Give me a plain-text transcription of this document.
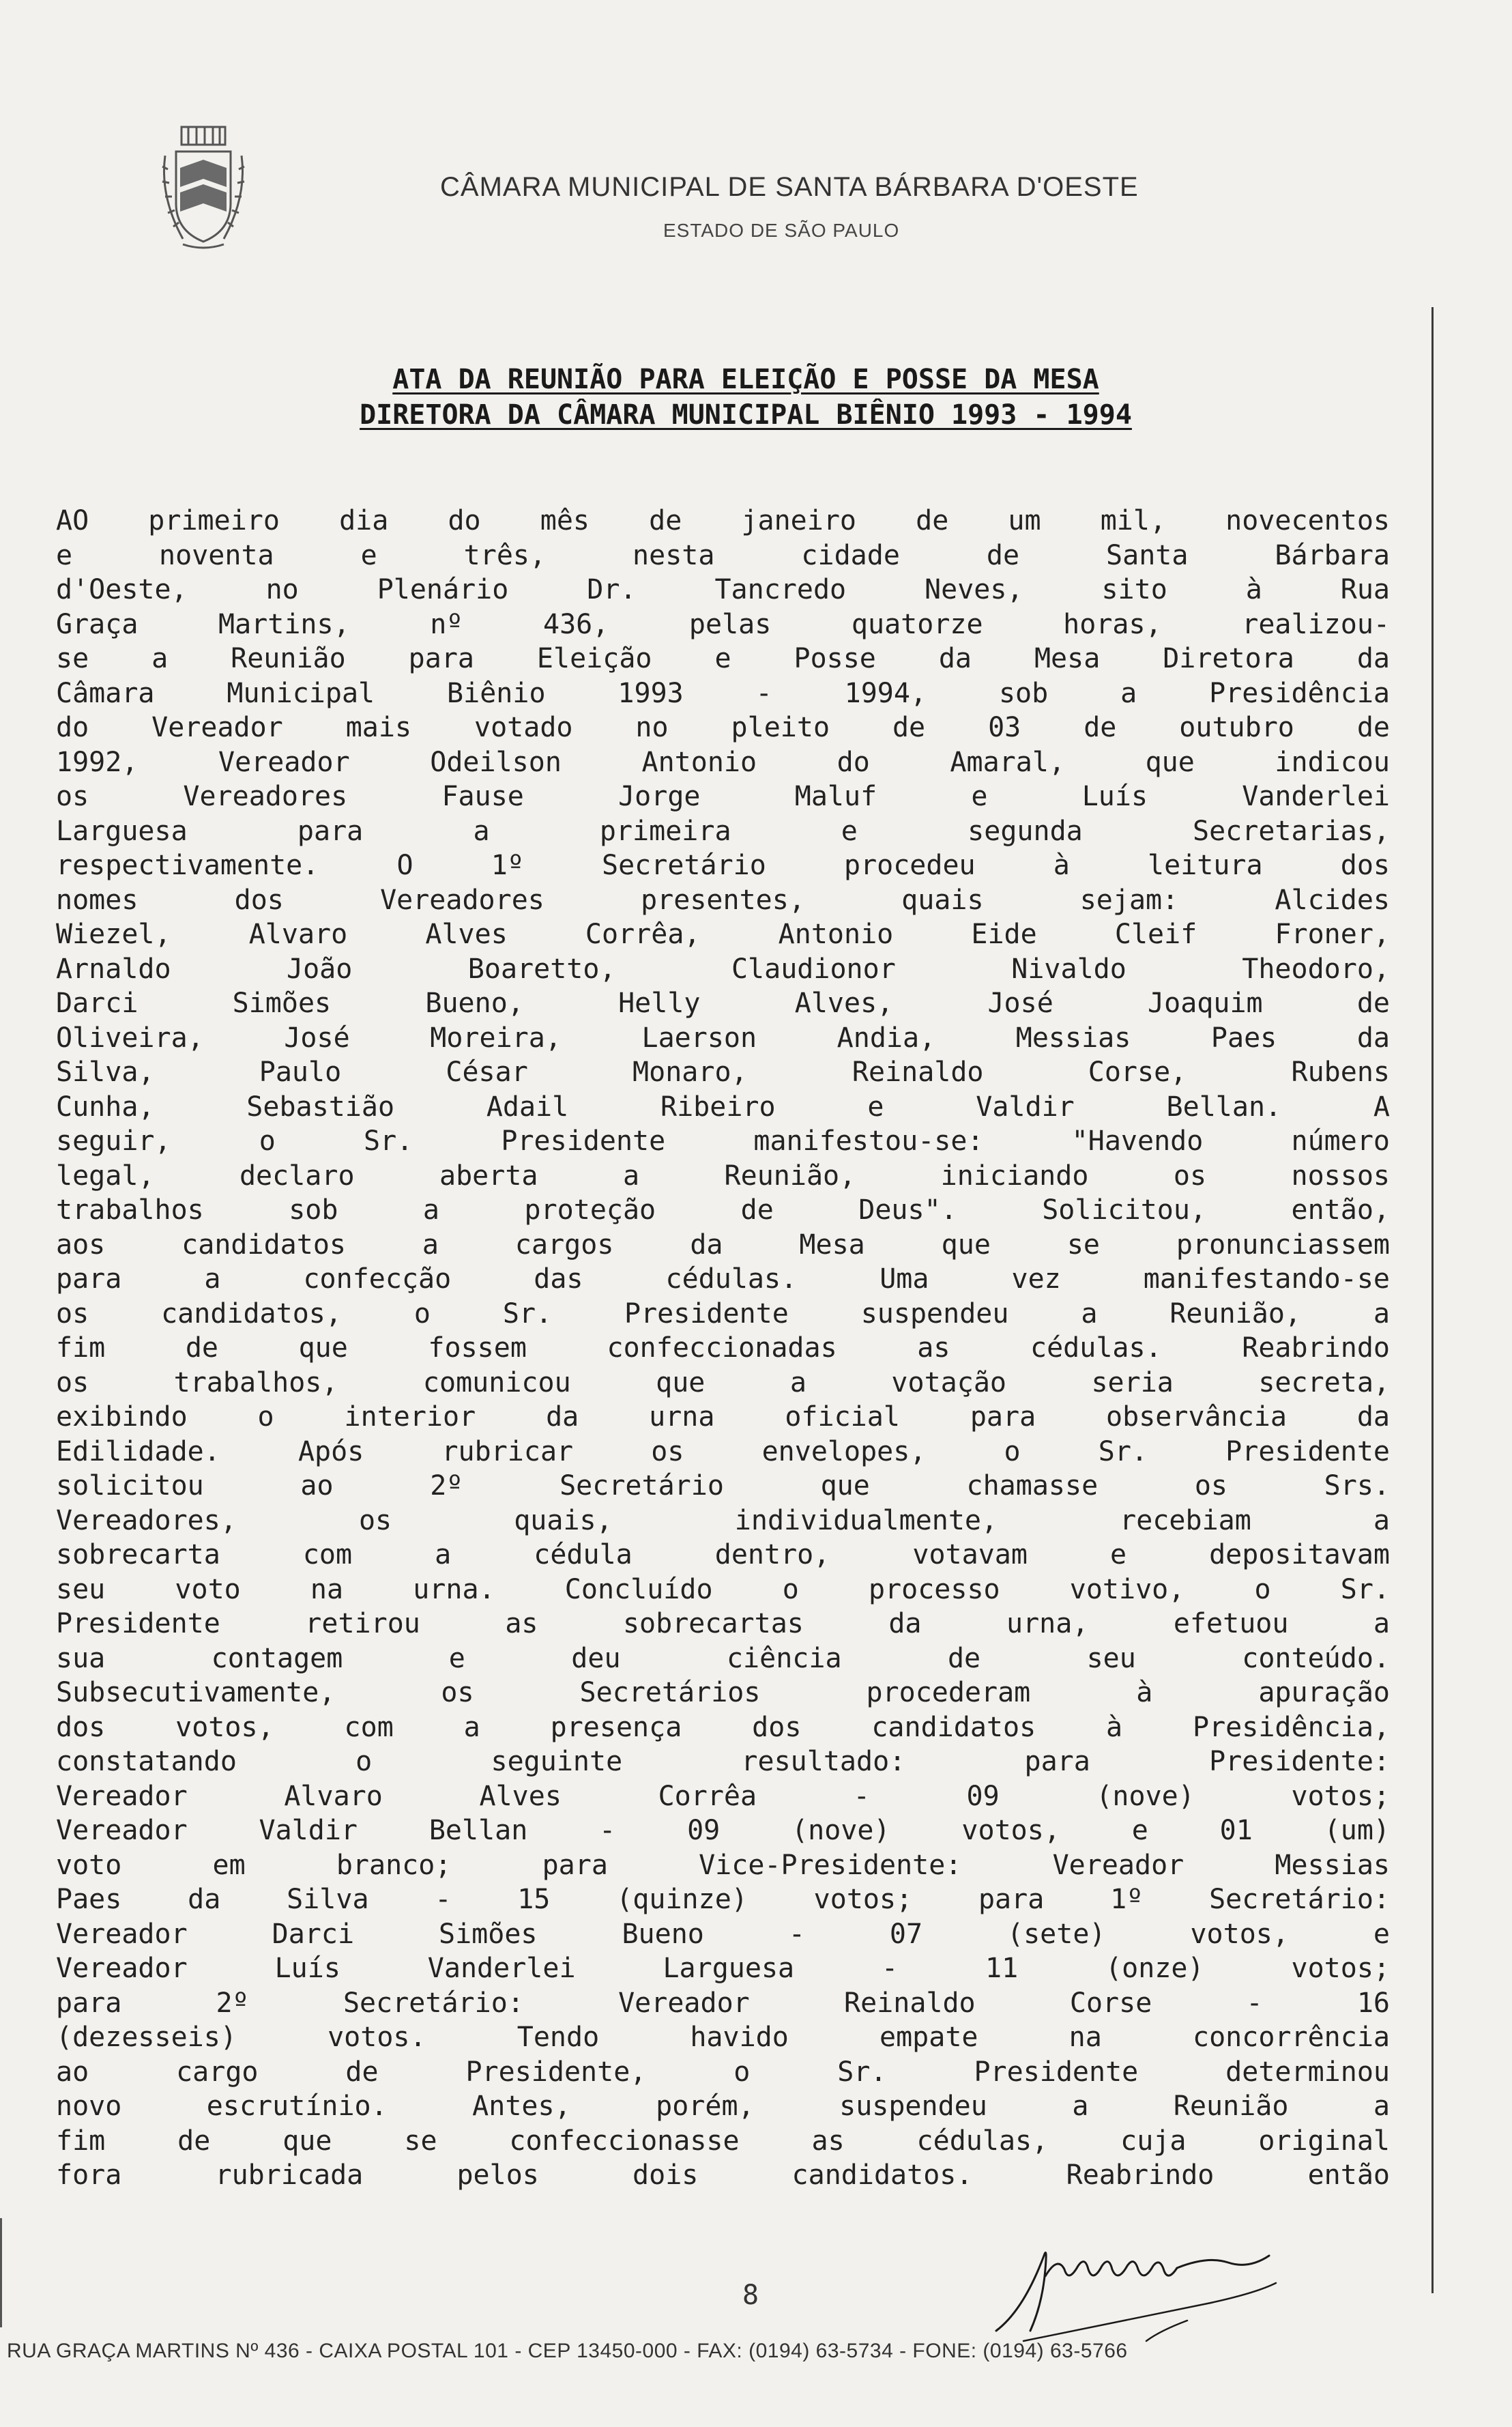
CÂMARA MUNICIPAL DE SANTA BÁRBARA D'OESTE
ESTADO DE SÃO PAULO
ATA DA REUNIÃO PARA ELEIÇÃO E POSSE DA MESA
DIRETORA DA CÂMARA MUNICIPAL BIÊNIO 1993 - 1994
AO primeiro dia do mês de janeiro de um mil, novecentos
e noventa e três, nesta cidade de Santa Bárbara
d'Oeste, no Plenário Dr. Tancredo Neves, sito à Rua
Graça Martins, nº 436, pelas quatorze horas, realizou-
se a Reunião para Eleição e Posse da Mesa Diretora da
Câmara Municipal Biênio 1993 - 1994, sob a Presidência
do Vereador mais votado no pleito de 03 de outubro de
1992, Vereador Odeilson Antonio do Amaral, que indicou
os Vereadores Fause Jorge Maluf e Luís Vanderlei
Larguesa para a primeira e segunda Secretarias,
respectivamente. O 1º Secretário procedeu à leitura dos
nomes dos Vereadores presentes, quais sejam: Alcides
Wiezel, Alvaro Alves Corrêa, Antonio Eide Cleif Froner,
Arnaldo João Boaretto, Claudionor Nivaldo Theodoro,
Darci Simões Bueno, Helly Alves, José Joaquim de
Oliveira, José Moreira, Laerson Andia, Messias Paes da
Silva, Paulo César Monaro, Reinaldo Corse, Rubens
Cunha, Sebastião Adail Ribeiro e Valdir Bellan. A
seguir, o Sr. Presidente manifestou-se: "Havendo número
legal, declaro aberta a Reunião, iniciando os nossos
trabalhos sob a proteção de Deus". Solicitou, então,
aos candidatos a cargos da Mesa que se pronunciassem
para a confecção das cédulas. Uma vez manifestando-se
os candidatos, o Sr. Presidente suspendeu a Reunião, a
fim de que fossem confeccionadas as cédulas. Reabrindo
os trabalhos, comunicou que a votação seria secreta,
exibindo o interior da urna oficial para observância da
Edilidade. Após rubricar os envelopes, o Sr. Presidente
solicitou ao 2º Secretário que chamasse os Srs.
Vereadores, os quais, individualmente, recebiam a
sobrecarta com a cédula dentro, votavam e depositavam
seu voto na urna. Concluído o processo votivo, o Sr.
Presidente retirou as sobrecartas da urna, efetuou a
sua contagem e deu ciência de seu conteúdo.
Subsecutivamente, os Secretários procederam à apuração
dos votos, com a presença dos candidatos à Presidência,
constatando o seguinte resultado: para Presidente:
Vereador Alvaro Alves Corrêa - 09 (nove) votos;
Vereador Valdir Bellan - 09 (nove) votos, e 01 (um)
voto em branco; para Vice-Presidente: Vereador Messias
Paes da Silva - 15 (quinze) votos; para 1º Secretário:
Vereador Darci Simões Bueno - 07 (sete) votos, e
Vereador Luís Vanderlei Larguesa - 11 (onze) votos;
para 2º Secretário: Vereador Reinaldo Corse - 16
(dezesseis) votos. Tendo havido empate na concorrência
ao cargo de Presidente, o Sr. Presidente determinou
novo escrutínio. Antes, porém, suspendeu a Reunião a
fim de que se confeccionasse as cédulas, cuja original
fora rubricada pelos dois candidatos. Reabrindo então
8
RUA GRAÇA MARTINS Nº 436 - CAIXA POSTAL 101 - CEP 13450-000 - FAX: (0194) 63-5734 - FONE: (0194) 63-5766
